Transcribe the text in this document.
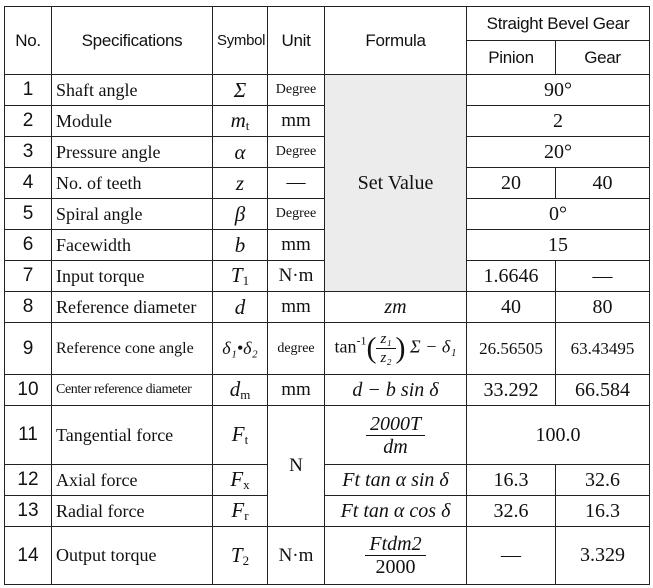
No.	Specifications	Symbol	Unit	Formula	Straight Bevel Gear	
					Pinion	Gear
1	Shaft angle	Σ	Degree	Set Value	90°	
2	Module	$m_t$	mm		2	
3	Pressure angle	α	Degree		20°	
4	No. of teeth	z	—		20	40
5	Spiral angle	β	Degree		0°	
6	Facewidth	b	mm		15	
7	Input torque	$T_1$	N·m		1.6646	—
8	Reference diameter	d	mm	zm	40	80
9	Reference cone angle	δ₁•δ₂	degree	$\tan^{-1}( \frac{\text{z₁}}{\text{z₂}}$ ) Σ − δ₁	26.56505	63.43495
10	Center reference diameter	$d_m$	mm	d − b sin δ	33.292	66.584
11	Tangential force	$F_t$	N	$\frac{2000T}{dm}$	100.0	
12	Axial force	$F_x$		Ft tan α sin δ	16.3	32.6
13	Radial force	$F_r$		Ft tan α cos δ	32.6	16.3
14	Output torque	$T_2$	N·m	$\frac{\text{Ftdm2}}{2000}$	—	3.329
